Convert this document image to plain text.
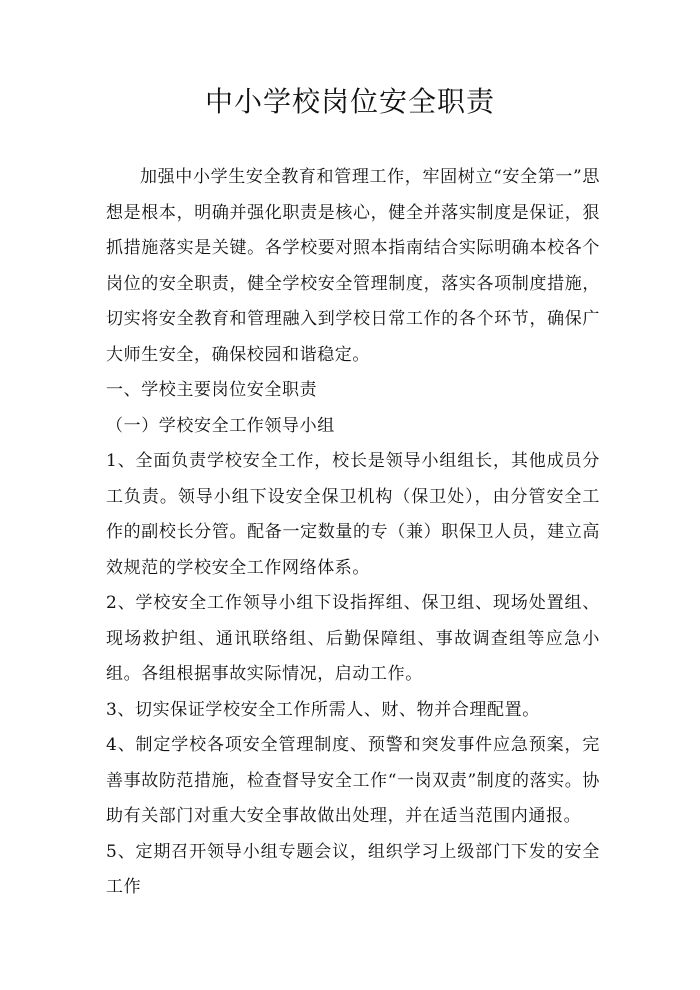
中小学校岗位安全职责

加强中小学生安全教育和管理工作，牢固树立“安全第一”思想是根本，明确并强化职责是核心，健全并落实制度是保证，狠抓措施落实是关键。各学校要对照本指南结合实际明确本校各个岗位的安全职责，健全学校安全管理制度，落实各项制度措施，切实将安全教育和管理融入到学校日常工作的各个环节，确保广大师生安全，确保校园和谐稳定。

一、学校主要岗位安全职责

（一）学校安全工作领导小组

1、全面负责学校安全工作，校长是领导小组组长，其他成员分工负责。领导小组下设安全保卫机构（保卫处），由分管安全工作的副校长分管。配备一定数量的专（兼）职保卫人员，建立高效规范的学校安全工作网络体系。

2、学校安全工作领导小组下设指挥组、保卫组、现场处置组、现场救护组、通讯联络组、后勤保障组、事故调查组等应急小组。各组根据事故实际情况，启动工作。

3、切实保证学校安全工作所需人、财、物并合理配置。

4、制定学校各项安全管理制度、预警和突发事件应急预案，完善事故防范措施，检查督导安全工作“一岗双责”制度的落实。协助有关部门对重大安全事故做出处理，并在适当范围内通报。

5、定期召开领导小组专题会议，组织学习上级部门下发的安全工作
